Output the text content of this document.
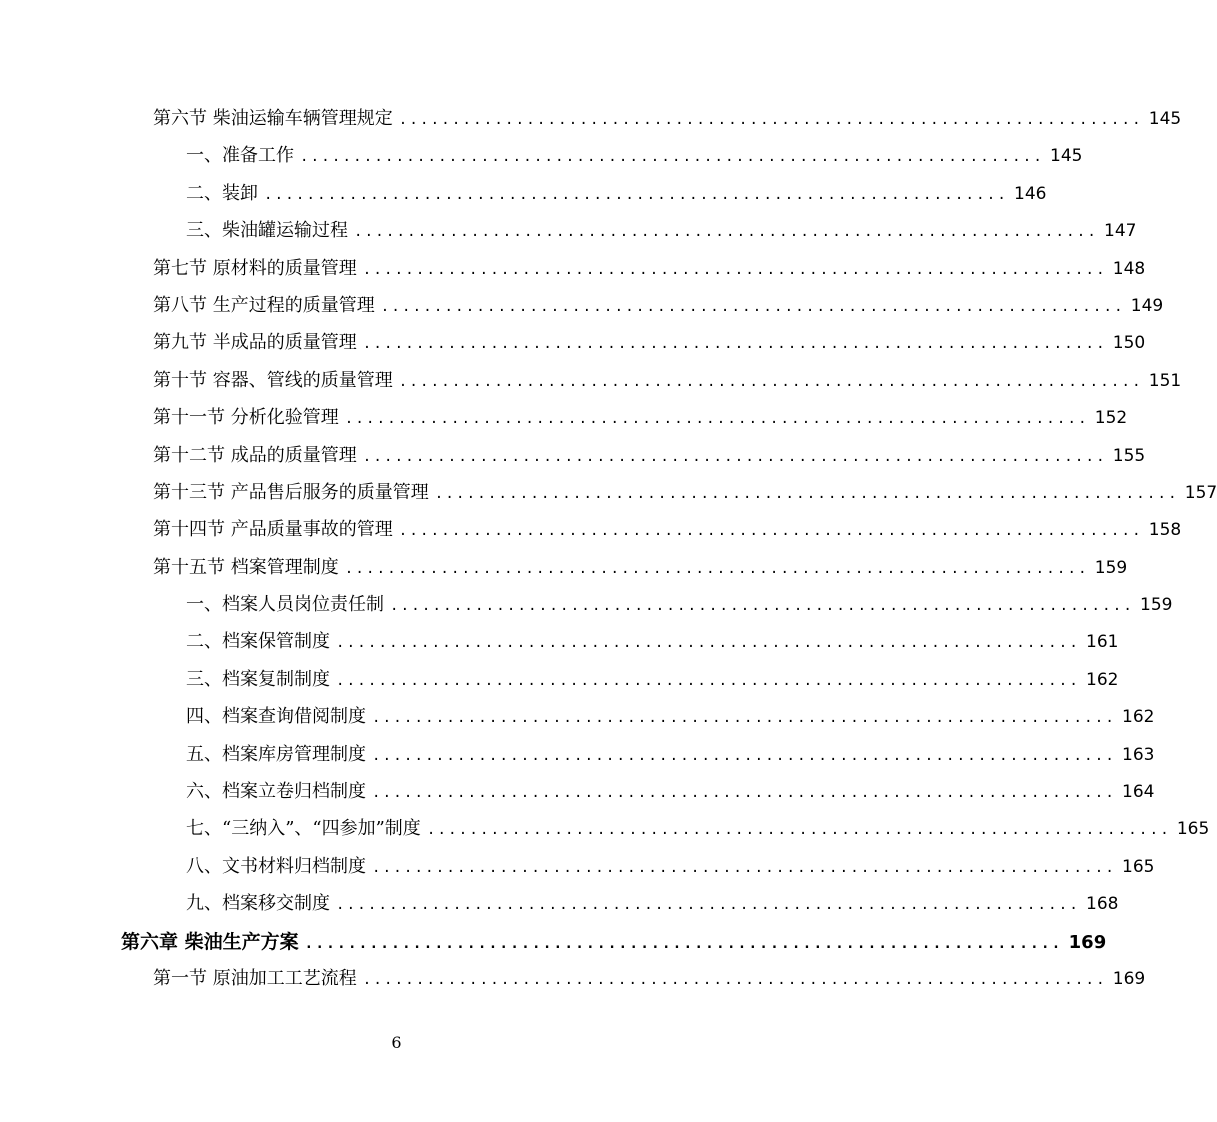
第六节 柴油运输车辆管理规定 ...................................................................... 145
一、准备工作 ...................................................................... 145
二、装卸 ...................................................................... 146
三、柴油罐运输过程 ...................................................................... 147
第七节 原材料的质量管理 ...................................................................... 148
第八节 生产过程的质量管理 ...................................................................... 149
第九节 半成品的质量管理 ...................................................................... 150
第十节 容器、管线的质量管理 ...................................................................... 151
第十一节 分析化验管理 ...................................................................... 152
第十二节 成品的质量管理 ...................................................................... 155
第十三节 产品售后服务的质量管理 ...................................................................... 157
第十四节 产品质量事故的管理 ...................................................................... 158
第十五节 档案管理制度 ...................................................................... 159
一、档案人员岗位责任制 ...................................................................... 159
二、档案保管制度 ...................................................................... 161
三、档案复制制度 ...................................................................... 162
四、档案查询借阅制度 ...................................................................... 162
五、档案库房管理制度 ...................................................................... 163
六、档案立卷归档制度 ...................................................................... 164
七、“三纳入”、“四参加”制度 ...................................................................... 165
八、文书材料归档制度 ...................................................................... 165
九、档案移交制度 ...................................................................... 168
第六章 柴油生产方案 ...................................................................... 169
第一节 原油加工工艺流程 ...................................................................... 169
6
